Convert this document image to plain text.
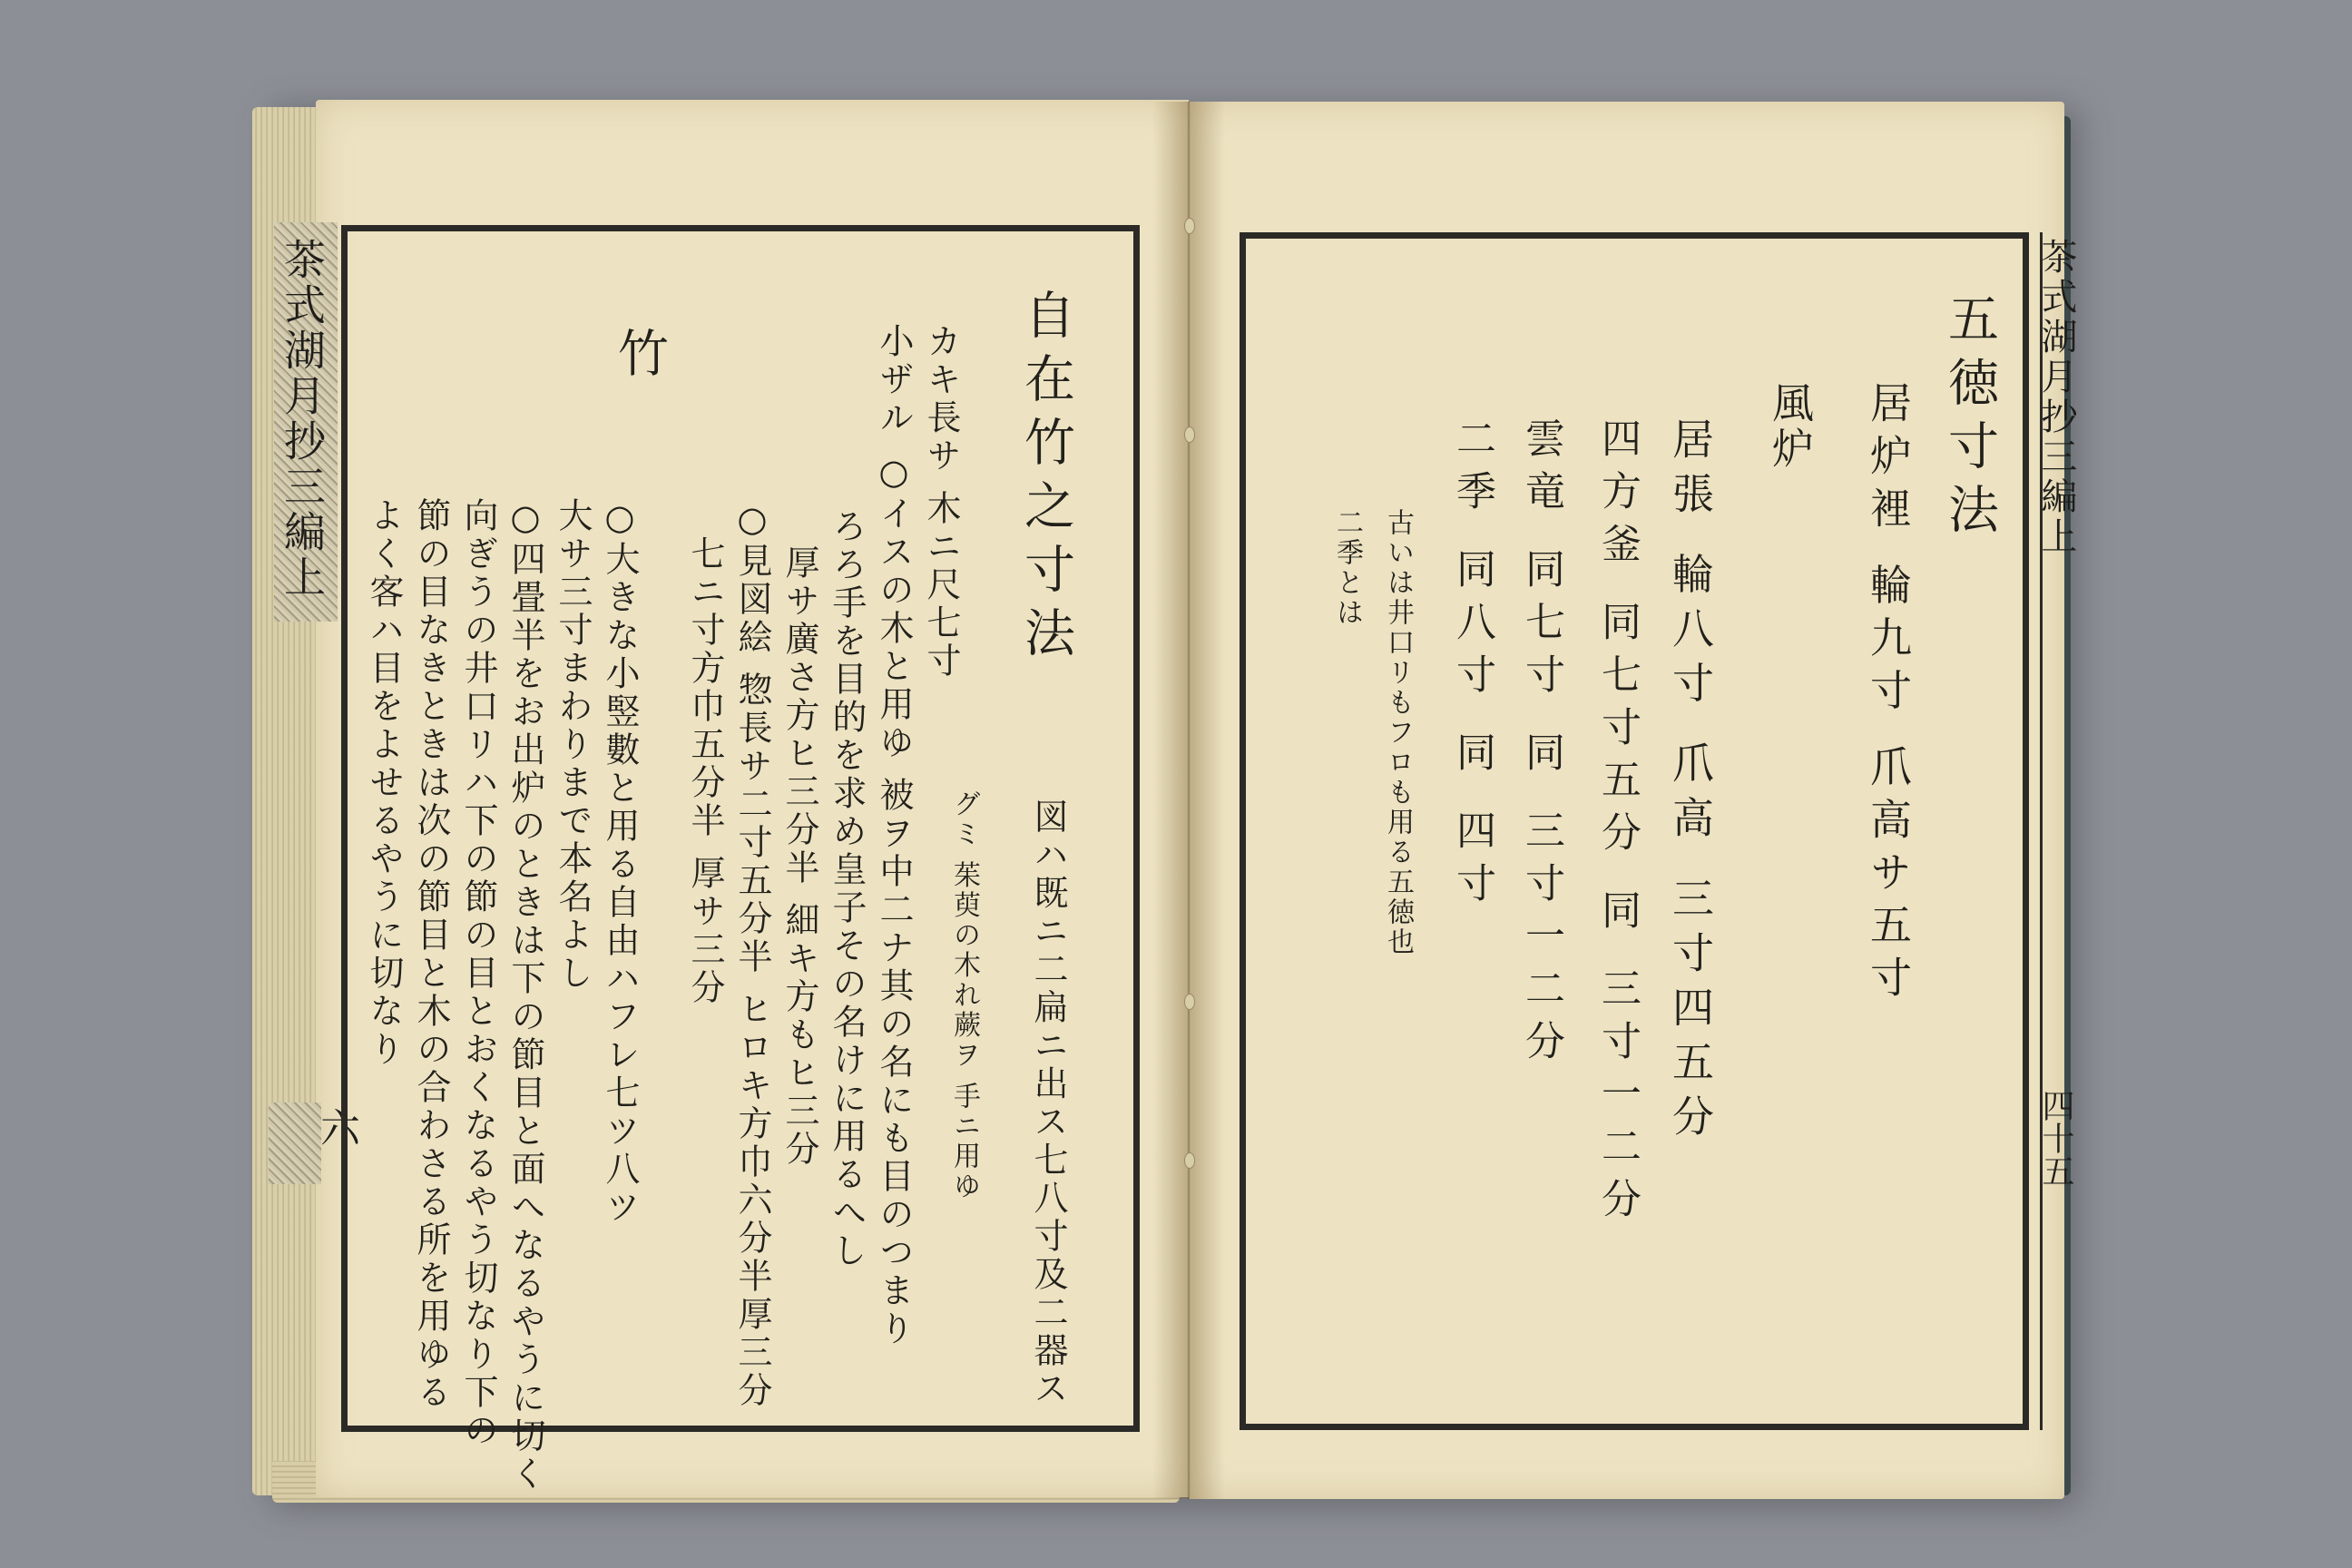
茶式湖月抄三編上
六
自在竹之寸法
図ハ既ニ二扁ニ出ス七八寸及二器ス
グミ 茱萸の木れ蕨ヲ 手ニ用ゆ
カキ長サ 木ニ尺七寸
小ザル ○イスの木と用ゆ 被ヲ中二ナ其の名にも目のつまり
ろろ手を目的を求め皇子その名けに用るへし
厚サ廣さ方ヒ三分半 細キ方もヒ三分
○見図絵 惣長サ二寸五分半 ヒロキ方巾六分半厚三分
七ニ寸方巾五分半 厚サ三分
竹
○大きな小竪數と用る自由ハフレ七ツ八ツ
大サ三寸まわりまで本名よし
○四畳半をお出炉のときは下の節目と面へなるやうに切く
向ぎうの井口リハ下の節の目とおくなるやう切なり下の
節の目なきときは次の節目と木の合わさる所を用ゆる
よく客ハ目をよせるやうに切なり
茶式湖月抄三編上
四十五
五徳寸法
居炉裡 輪九寸 爪高サ五寸
風炉
居張 輪八寸 爪高 三寸四五分
四方釜 同七寸五分 同 三寸一二分
雲竜 同七寸 同 三寸一二分
二季 同八寸 同 四寸
古いは井口リもフロも用る五徳也
二季とは
